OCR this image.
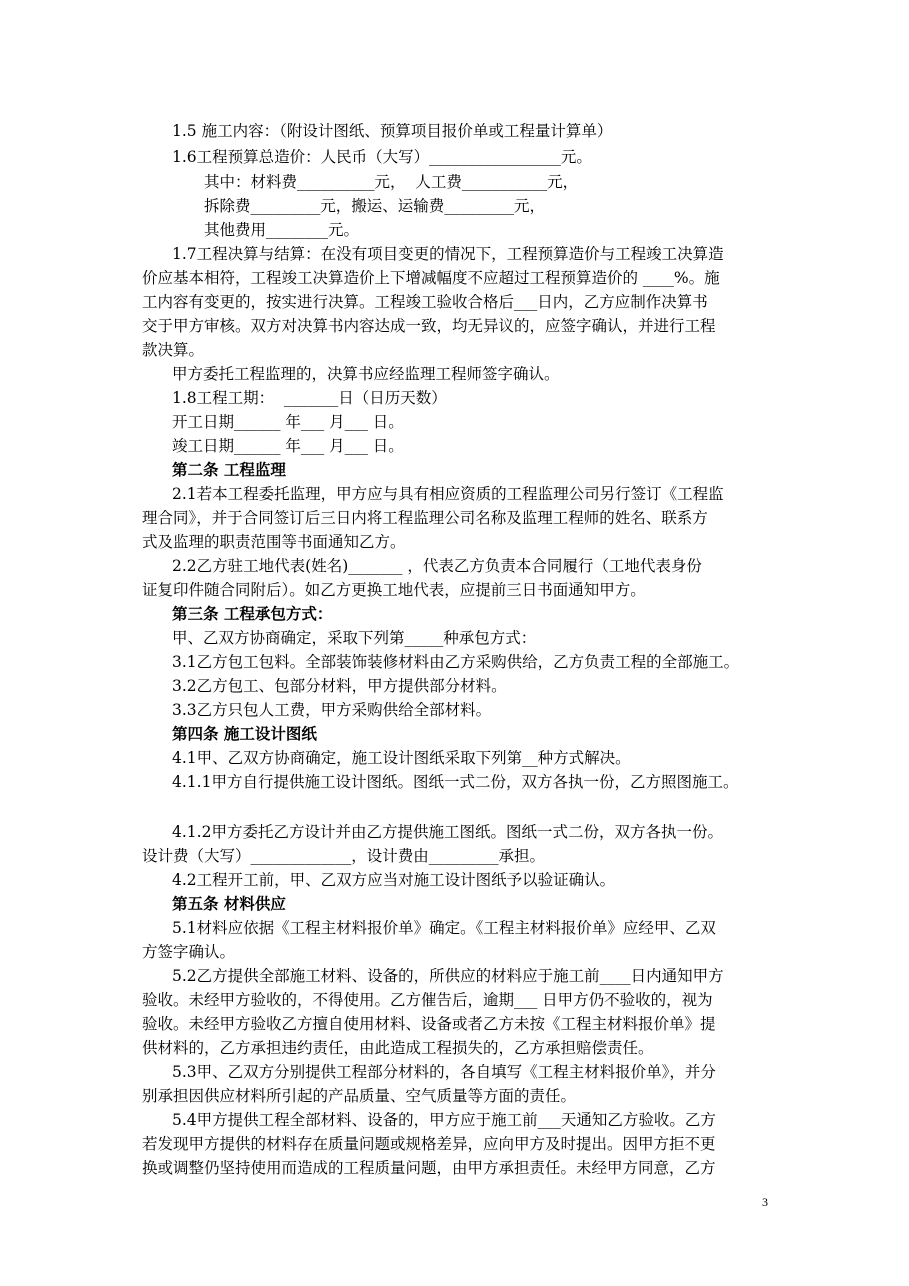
1.5 施工内容：（附设计图纸、预算项目报价单或工程量计算单）
1.6工程预算总造价：人民币（大写）_________________元。
其中：材料费__________元，  人工费___________元，
拆除费_________元，搬运、运输费_________元，
其他费用________元。
1.7工程决算与结算：在没有项目变更的情况下，工程预算造价与工程竣工决算造
价应基本相符，工程竣工决算造价上下增减幅度不应超过工程预算造价的 ____%。施
工内容有变更的，按实进行决算。工程竣工验收合格后___日内，乙方应制作决算书
交于甲方审核。双方对决算书内容达成一致，均无异议的，应签字确认，并进行工程
款决算。
甲方委托工程监理的，决算书应经监理工程师签字确认。
1.8工程工期：  _______日（日历天数）
开工日期______ 年___ 月___ 日。
竣工日期______ 年___ 月___ 日。
第二条 工程监理
2.1若本工程委托监理，甲方应与具有相应资质的工程监理公司另行签订《工程监
理合同》，并于合同签订后三日内将工程监理公司名称及监理工程师的姓名、联系方
式及监理的职责范围等书面通知乙方。
2.2乙方驻工地代表(姓名)_______ ，代表乙方负责本合同履行（工地代表身份
证复印件随合同附后）。如乙方更换工地代表，应提前三日书面通知甲方。
第三条 工程承包方式：
甲、乙双方协商确定，采取下列第_____种承包方式：
3.1乙方包工包料。全部装饰装修材料由乙方采购供给，乙方负责工程的全部施工。
3.2乙方包工、包部分材料，甲方提供部分材料。
3.3乙方只包人工费，甲方采购供给全部材料。
第四条 施工设计图纸
4.1甲、乙双方协商确定，施工设计图纸采取下列第__种方式解决。
4.1.1甲方自行提供施工设计图纸。图纸一式二份，双方各执一份，乙方照图施工。
4.1.2甲方委托乙方设计并由乙方提供施工图纸。图纸一式二份，双方各执一份。
设计费（大写）_____________，设计费由_________承担。
4.2工程开工前，甲、乙双方应当对施工设计图纸予以验证确认。
第五条 材料供应
5.1材料应依据《工程主材料报价单》确定。《工程主材料报价单》应经甲、乙双
方签字确认。
5.2乙方提供全部施工材料、设备的，所供应的材料应于施工前____日内通知甲方
验收。未经甲方验收的，不得使用。乙方催告后，逾期___ 日甲方仍不验收的，视为
验收。未经甲方验收乙方擅自使用材料、设备或者乙方未按《工程主材料报价单》提
供材料的，乙方承担违约责任，由此造成工程损失的，乙方承担赔偿责任。
5.3甲、乙双方分别提供工程部分材料的，各自填写《工程主材料报价单》，并分
别承担因供应材料所引起的产品质量、空气质量等方面的责任。
5.4甲方提供工程全部材料、设备的，甲方应于施工前___天通知乙方验收。乙方
若发现甲方提供的材料存在质量问题或规格差异，应向甲方及时提出。因甲方拒不更
换或调整仍坚持使用而造成的工程质量问题，由甲方承担责任。未经甲方同意，乙方
3
